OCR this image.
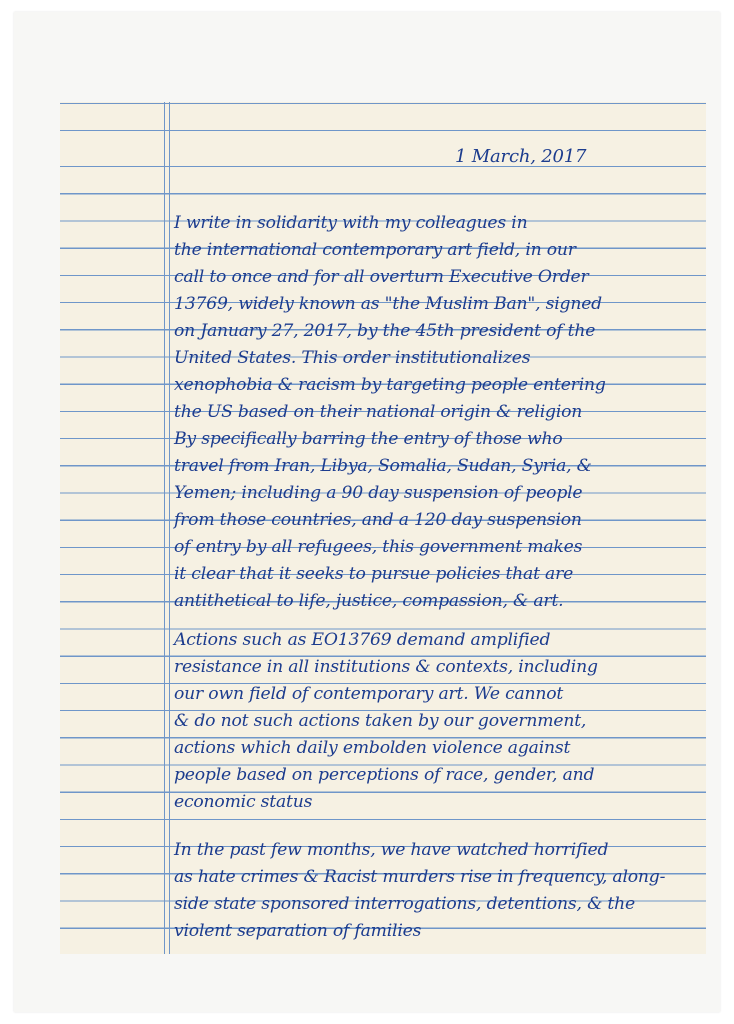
1 March, 2017
I write in solidarity with my colleagues in
the international contemporary art field, in our
call to once and for all overturn Executive Order
13769, widely known as "the Muslim Ban", signed
on January 27, 2017, by the 45th president of the
United States. This order institutionalizes
xenophobia & racism by targeting people entering
the US based on their national origin & religion
By specifically barring the entry of those who
travel from Iran, Libya, Somalia, Sudan, Syria, &
Yemen; including a 90 day suspension of people
from those countries, and a 120 day suspension
of entry by all refugees, this government makes
it clear that it seeks to pursue policies that are
antithetical to life, justice, compassion, & art.
Actions such as EO13769 demand amplified
resistance in all institutions & contexts, including
our own field of contemporary art. We cannot
& do not such actions taken by our government,
actions which daily embolden violence against
people based on perceptions of race, gender, and
economic status
In the past few months, we have watched horrified
as hate crimes & Racist murders rise in frequency, along-
side state sponsored interrogations, detentions, & the
violent separation of families
